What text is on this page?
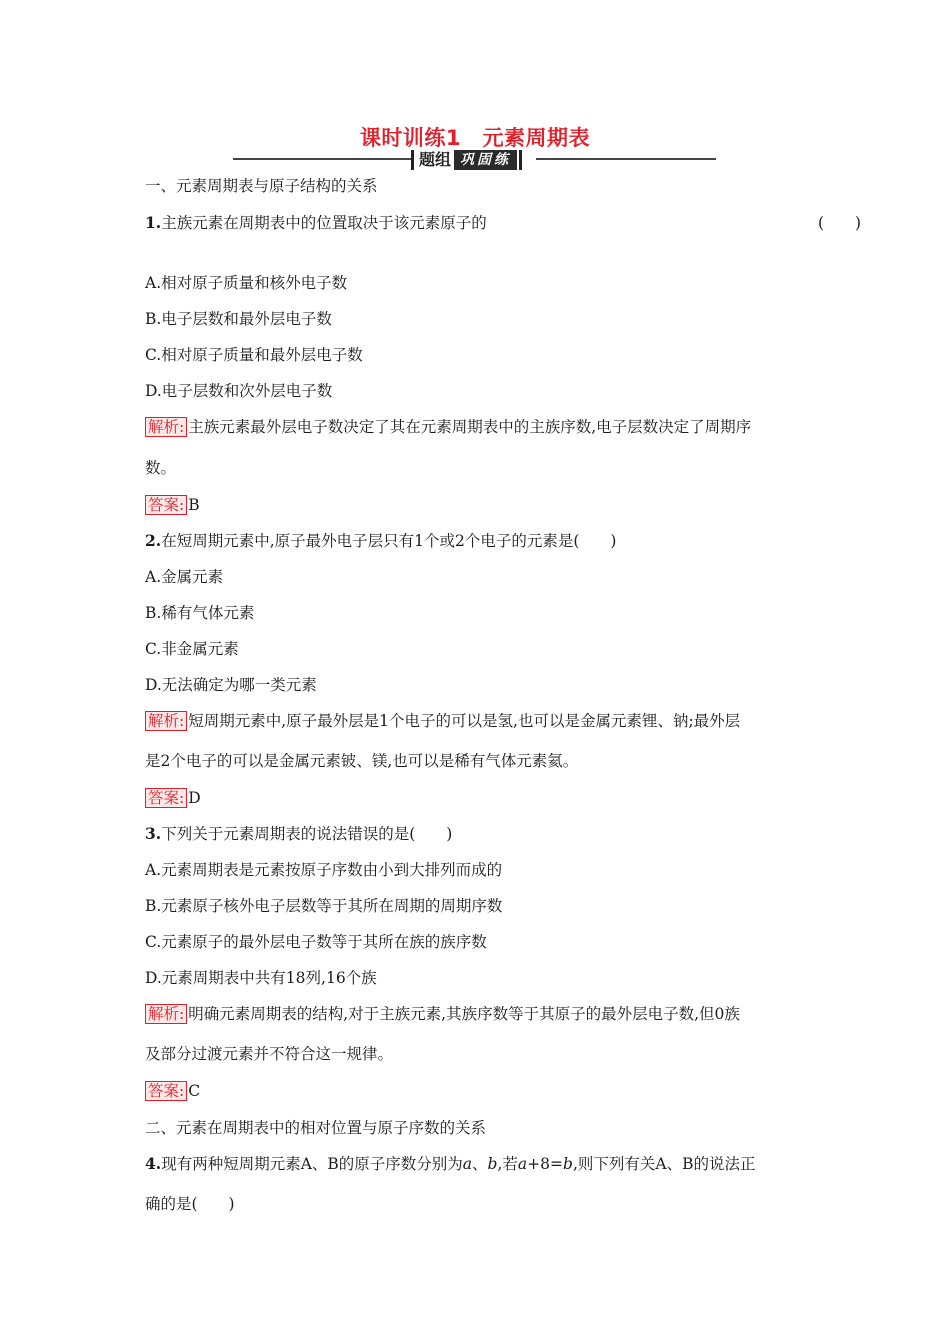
课时训练1　元素周期表
题组 巩固练
一、元素周期表与原子结构的关系
1.主族元素在周期表中的位置取决于该元素原子的	(　　)
A.相对原子质量和核外电子数
B.电子层数和最外层电子数
C.相对原子质量和最外层电子数
D.电子层数和次外层电子数
解析: 主族元素最外层电子数决定了其在元素周期表中的主族序数,电子层数决定了周期序
数。
答案: B
2.在短周期元素中,原子最外电子层只有1个或2个电子的元素是(　　)
A.金属元素
B.稀有气体元素
C.非金属元素
D.无法确定为哪一类元素
解析: 短周期元素中,原子最外层是1个电子的可以是氢,也可以是金属元素锂、钠;最外层
是2个电子的可以是金属元素铍、镁,也可以是稀有气体元素氦。
答案: D
3.下列关于元素周期表的说法错误的是(　　)
A.元素周期表是元素按原子序数由小到大排列而成的
B.元素原子核外电子层数等于其所在周期的周期序数
C.元素原子的最外层电子数等于其所在族的族序数
D.元素周期表中共有18列,16个族
解析: 明确元素周期表的结构,对于主族元素,其族序数等于其原子的最外层电子数,但0族
及部分过渡元素并不符合这一规律。
答案: C
二、元素在周期表中的相对位置与原子序数的关系
4.现有两种短周期元素A、B的原子序数分别为a、b,若a+8=b,则下列有关A、B的说法正
确的是(　　)
